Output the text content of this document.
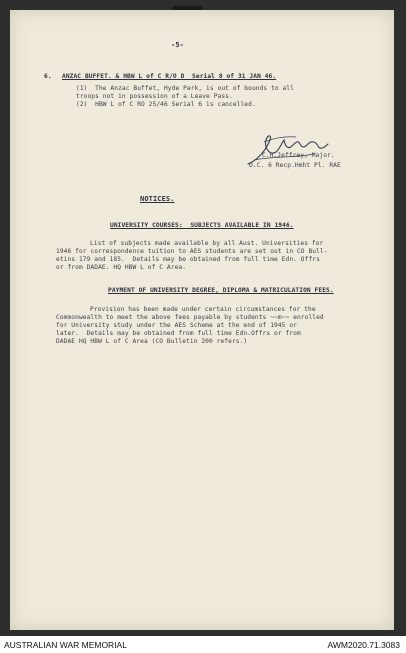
-5-
6. ANZAC BUFFET. & HBW L of C R/O D  Serial 8 of 31 JAN 46.
(1)  The Anzac Buffet, Hyde Park, is out of bounds to all
troops not in possession of a Leave Pass.
(2)  HBW L of C RO 25/46 Serial 6 is cancelled.
C.H.Jeffrey, Major.
O.C. 6 Recp.Hmht Pl. RAE
NOTICES.
UNIVERSITY COURSES:  SUBJECTS AVAILABLE IN 1946.
List of subjects made available by all Aust. Universities for
1946 for correspondence tuition to AES students are set out in CO Bull-
etins 179 and 185.  Details may be obtained from full time Edn. Offrs
or from DADAE. HQ HBW L of C Area.
PAYMENT OF UNIVERSITY DEGREE, DIPLOMA & MATRICULATION FEES.
Provision has been made under certain circumstances for the
Commonwealth to meet the above fees payable by students ~~m~~ enrolled
for University study under the AES Scheme at the end of 1945 or
later.  Details may be obtained from full time Edn.Offrs or from
DADAE HQ HBW L of C Area (CO Bulletin 200 refers.)
AUSTRALIAN WAR MEMORIAL	AWM2020.71.3083
